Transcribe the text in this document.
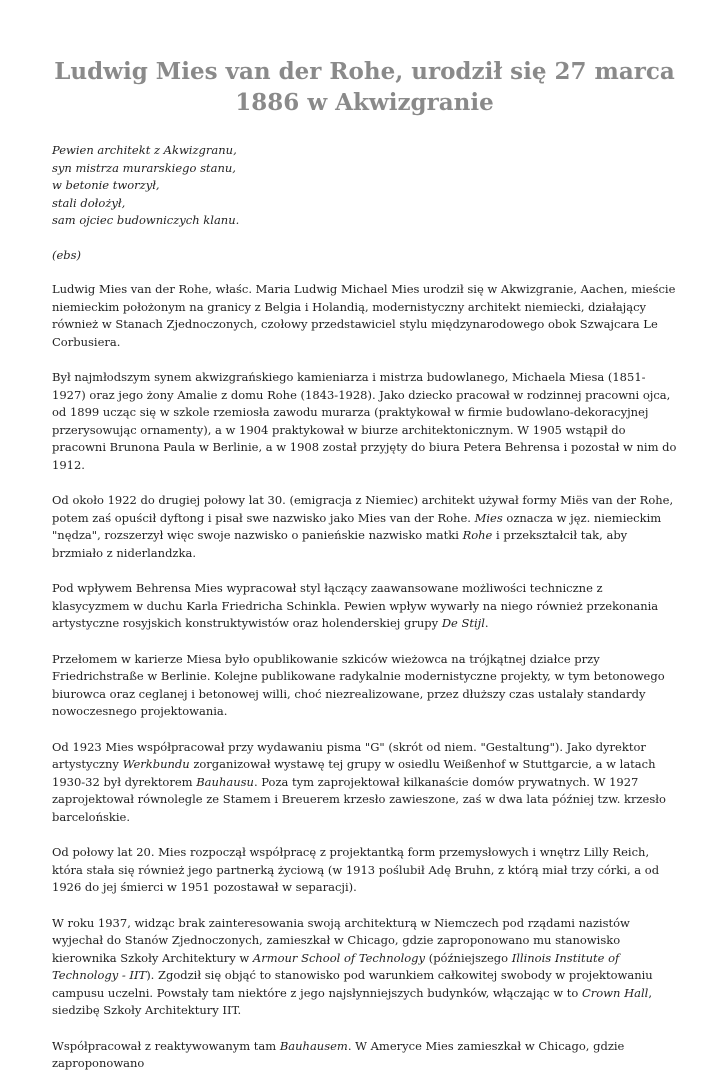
Ludwig Mies van der Rohe, urodził się 27 marca 1886 w Akwizgranie
Pewien architekt z Akwizgranu,
syn mistrza murarskiego stanu,
w betonie tworzył,
stali dołożył,
sam ojciec budowniczych klanu.
(ebs)
Ludwig Mies van der Rohe, właśc. Maria Ludwig Michael Mies urodził się w Akwizgranie, Aachen, mieście niemieckim położonym na granicy z Belgia i Holandią, modernistyczny architekt niemiecki, działający również w Stanach Zjednoczonych, czołowy przedstawiciel stylu międzynarodowego obok Szwajcara Le Corbusiera.
Był najmłodszym synem akwizgrańskiego kamieniarza i mistrza budowlanego, Michaela Miesa (1851-1927) oraz jego żony Amalie z domu Rohe (1843-1928). Jako dziecko pracował w rodzinnej pracowni ojca, od 1899 ucząc się w szkole rzemiosła zawodu murarza (praktykował w firmie budowlano-dekoracyjnej przerysowując ornamenty), a w 1904 praktykował w biurze architektonicznym. W 1905 wstąpił do pracowni Brunona Paula w Berlinie, a w 1908 został przyjęty do biura Petera Behrensa i pozostał w nim do 1912.
Od około 1922 do drugiej połowy lat 30. (emigracja z Niemiec) architekt używał formy Miës van der Rohe, potem zaś opuścił dyftong i pisał swe nazwisko jako Mies van der Rohe. Mies oznacza w jęz. niemieckim "nędza", rozszerzył więc swoje nazwisko o panieńskie nazwisko matki Rohe i przekształcił tak, aby brzmiało z niderlandzka.
Pod wpływem Behrensa Mies wypracował styl łączący zaawansowane możliwości techniczne z klasycyzmem w duchu Karla Friedricha Schinkla. Pewien wpływ wywarły na niego również przekonania artystyczne rosyjskich konstruktywistów oraz holenderskiej grupy De Stijl.
Przełomem w karierze Miesa było opublikowanie szkiców wieżowca na trójkątnej działce przy Friedrichstraße w Berlinie. Kolejne publikowane radykalnie modernistyczne projekty, w tym betonowego biurowca oraz ceglanej i betonowej willi, choć niezrealizowane, przez dłuższy czas ustalały standardy nowoczesnego projektowania.
Od 1923 Mies współpracował przy wydawaniu pisma "G" (skrót od niem. "Gestaltung"). Jako dyrektor artystyczny Werkbundu zorganizował wystawę tej grupy w osiedlu Weißenhof w Stuttgarcie, a w latach 1930-32 był dyrektorem Bauhausu. Poza tym zaprojektował kilkanaście domów prywatnych. W 1927 zaprojektował równolegle ze Stamem i Breuerem krzesło zawieszone, zaś w dwa lata później tzw. krzesło barcelońskie.
Od połowy lat 20. Mies rozpoczął współpracę z projektantką form przemysłowych i wnętrz Lilly Reich, która stała się również jego partnerką życiową (w 1913 poślubił Adę Bruhn, z którą miał trzy córki, a od 1926 do jej śmierci w 1951 pozostawał w separacji).
W roku 1937, widząc brak zainteresowania swoją architekturą w Niemczech pod rządami nazistów wyjechał do Stanów Zjednoczonych, zamieszkał w Chicago, gdzie zaproponowano mu stanowisko kierownika Szkoły Architektury w Armour School of Technology (późniejszego Illinois Institute of Technology - IIT). Zgodził się objąć to stanowisko pod warunkiem całkowitej swobody w projektowaniu campusu uczelni. Powstały tam niektóre z jego najsłynniejszych budynków, włączając w to Crown Hall, siedzibę Szkoły Architektury IIT.
Współpracował z reaktywowanym tam Bauhausem. W Ameryce Mies zamieszkał w Chicago, gdzie zaproponowano
